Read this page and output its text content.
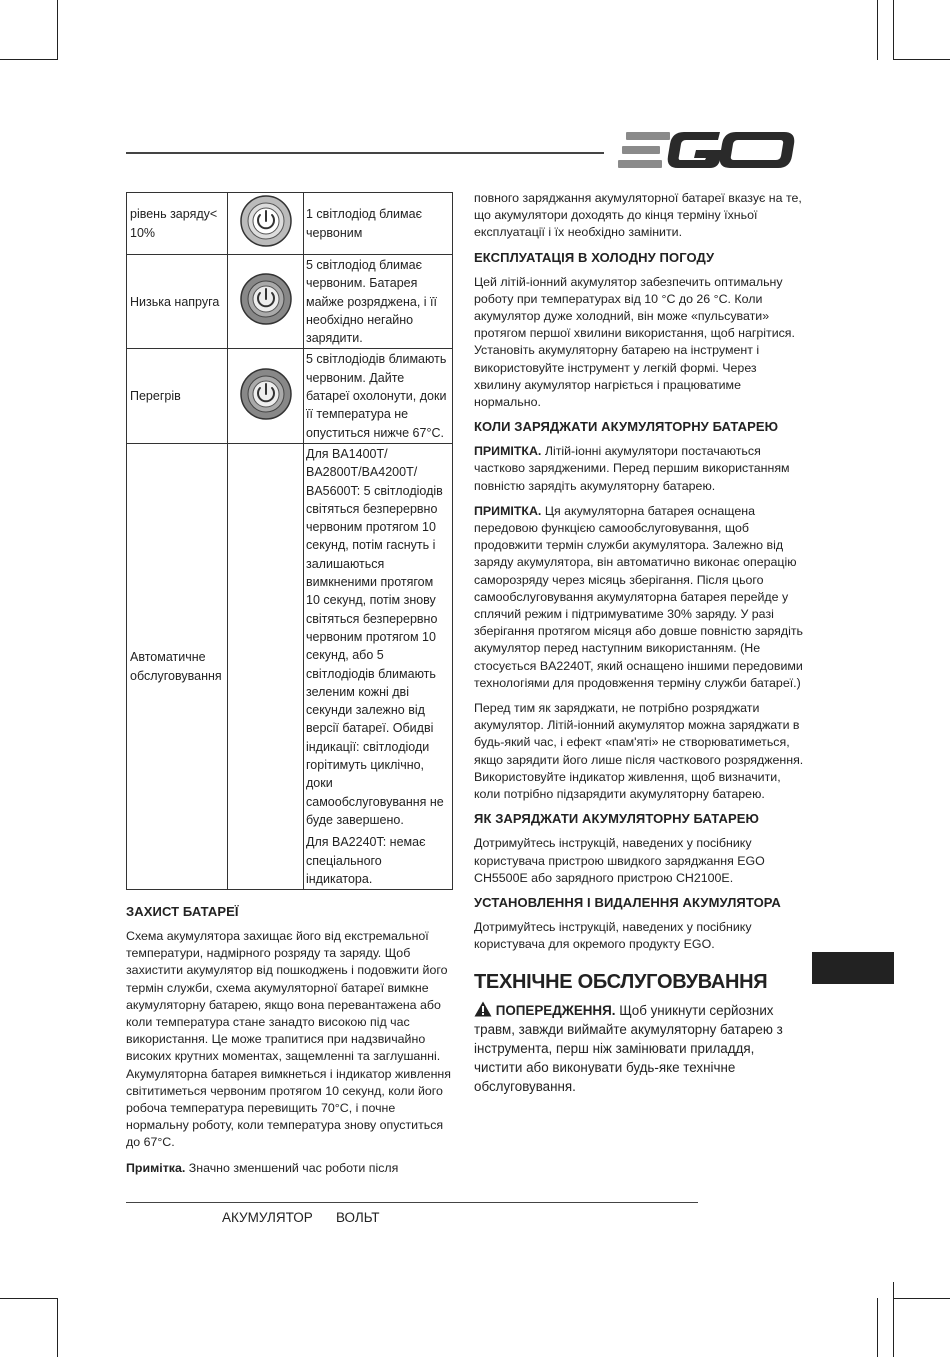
рівень заряду< 10%		1 світлодіод блимає червоним

Низька напруга		5 світлодіод блимає червоним. Батарея майже розряджена, і її необхідно негайно зарядити.

Перегрів		5 світлодіодів блимають червоним. Дайте батареї охолонути, доки її температура не опуститься нижче 67°С.

Автоматичне обслуговування		Для BA1400T/ BA2800T/BA4200T/ BA5600T: 5 світлодіодів світяться безперервно червоним протягом 10 секунд, потім гаснуть і залишаються вимкненими протягом 10 секунд, потім знову світяться безперервно червоним протягом 10 секунд, або 5 світлодіодів блимають зеленим кожні дві секунди залежно від версії батареї. Обидві індикації: світлодіоди горітимуть циклічно, доки самообслуговування не буде завершено.

Для BA2240T: немає спеціального індикатора.

ЗАХИСТ БАТАРЕЇ

Схема акумулятора захищає його від екстремальної температури, надмірного розряду та заряду. Щоб захистити акумулятор від пошкоджень і подовжити його термін служби, схема акумуляторної батареї вимкне акумуляторну батарею, якщо вона перевантажена або коли температура стане занадто високою під час використання. Це може трапитися при надзвичайно високих крутних моментах, защемленні та заглушанні. Акумуляторна батарея вимкнеться і індикатор живлення світитиметься червоним протягом 10 секунд, коли його робоча температура перевищить 70°С, і почне нормальну роботу, коли температура знову опуститься до 67°С.

Примітка. Значно зменшений час роботи після

повного заряджання акумуляторної батареї вказує на те, що акумулятори доходять до кінця терміну їхньої експлуатації і їх необхідно замінити.

ЕКСПЛУАТАЦІЯ В ХОЛОДНУ ПОГОДУ

Цей літій-іонний акумулятор забезпечить оптимальну роботу при температурах від 10 °С до 26 °С. Коли акумулятор дуже холодний, він може «пульсувати» протягом першої хвилини використання, щоб нагрітися. Установіть акумуляторну батарею на інструмент і використовуйте інструмент у легкій формі. Через хвилину акумулятор нагріється і працюватиме нормально.

КОЛИ ЗАРЯДЖАТИ АКУМУЛЯТОРНУ БАТАРЕЮ

ПРИМІТКА. Літій-іонні акумулятори постачаються частково зарядженими. Перед першим використанням повністю зарядіть акумуляторну батарею.

ПРИМІТКА. Ця акумуляторна батарея оснащена передовою функцією самообслуговування, щоб продовжити термін служби акумулятора. Залежно від заряду акумулятора, він автоматично виконає операцію саморозряду через місяць зберігання. Після цього самообслуговування акумуляторна батарея перейде у сплячий режим і підтримуватиме 30% заряду. У разі зберігання протягом місяця або довше повністю зарядіть акумулятор перед наступним використанням. (Не стосується BA2240T, який оснащено іншими передовими технологіями для продовження терміну служби батареї.)

Перед тим як заряджати, не потрібно розряджати акумулятор. Літій-іонний акумулятор можна заряджати в будь-який час, і ефект «пам'яті» не створюватиметься, якщо зарядити його лише після часткового розрядження. Використовуйте індикатор живлення, щоб визначити, коли потрібно підзарядити акумуляторну батарею.

ЯК ЗАРЯДЖАТИ АКУМУЛЯТОРНУ БАТАРЕЮ

Дотримуйтесь інструкцій, наведених у посібнику користувача пристрою швидкого заряджання EGO CH5500E або зарядного пристрою CH2100E.

УСТАНОВЛЕННЯ І ВИДАЛЕННЯ АКУМУЛЯТОРА

Дотримуйтесь інструкцій, наведених у посібнику користувача для окремого продукту EGO.

ТЕХНІЧНЕ ОБСЛУГОВУВАННЯ

ПОПЕРЕДЖЕННЯ. Щоб уникнути серйозних травм, завжди виймайте акумуляторну батарею з інструмента, перш ніж замінювати приладдя, чистити або виконувати будь-яке технічне обслуговування.

АКУМУЛЯТОР ВОЛЬТ
